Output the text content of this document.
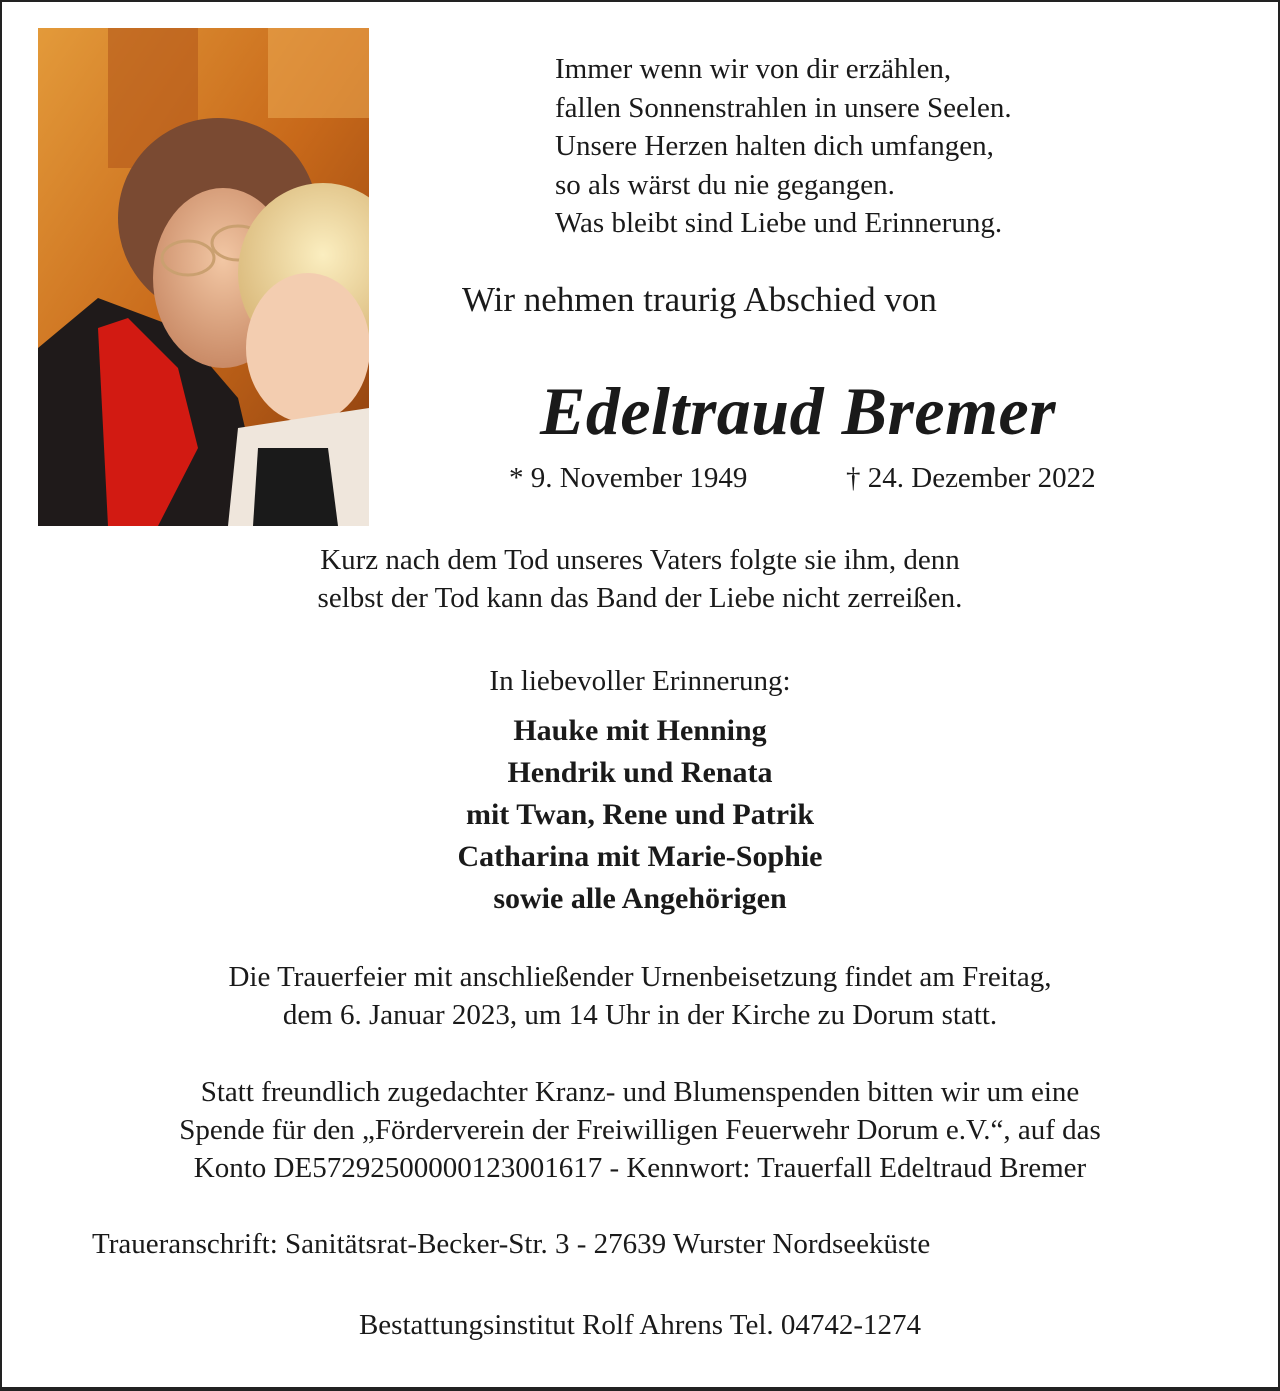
Immer wenn wir von dir erzählen,
fallen Sonnenstrahlen in unsere Seelen.
Unsere Herzen halten dich umfangen,
so als wärst du nie gegangen.
Was bleibt sind Liebe und Erinnerung.
Wir nehmen traurig Abschied von
Edeltraud Bremer
* 9. November 1949	† 24. Dezember 2022
Kurz nach dem Tod unseres Vaters folgte sie ihm, denn
selbst der Tod kann das Band der Liebe nicht zerreißen.
In liebevoller Erinnerung:
Hauke mit Henning
Hendrik und Renata
mit Twan, Rene und Patrik
Catharina mit Marie-Sophie
sowie alle Angehörigen
Die Trauerfeier mit anschließender Urnenbeisetzung findet am Freitag,
dem 6. Januar 2023, um 14 Uhr in der Kirche zu Dorum statt.
Statt freundlich zugedachter Kranz- und Blumenspenden bitten wir um eine
Spende für den „Förderverein der Freiwilligen Feuerwehr Dorum e.V.“, auf das
Konto DE57292500000123001617 - Kennwort: Trauerfall Edeltraud Bremer
Traueranschrift: Sanitätsrat-Becker-Str. 3 - 27639 Wurster Nordseeküste
Bestattungsinstitut Rolf Ahrens Tel. 04742-1274
